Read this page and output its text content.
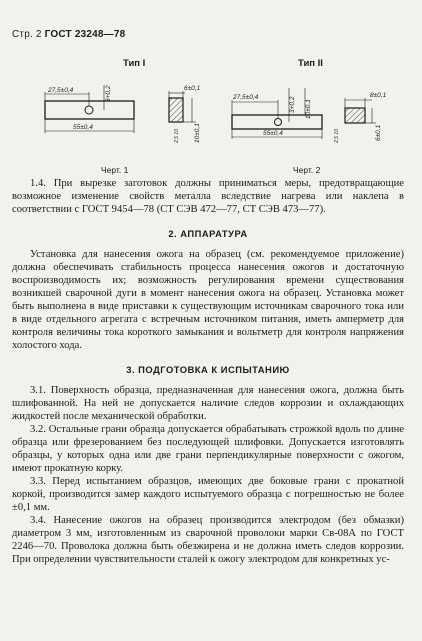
Стр. 2 ГОСТ 23248—78
Тип I
27,5±0,4	3+0,2
55±0,4
6±0,1
10±0,1
2,5 10
Черт. 1
Тип II
27,5±0,4	3+0,2 10±0,1
55±0,4
8±0,1
6±0,1
2,5 10
Черт. 2

1.4. При вырезке заготовок должны приниматься меры, предотвращающие возможное изменение свойств металла вследствие нагрева или наклепа в соответствии с ГОСТ 9454—78 (СТ СЭВ 472—77, СТ СЭВ 473—77).

2. АППАРАТУРА

Установка для нанесения ожога на образец (см. рекомендуемое приложение) должна обеспечивать стабильность процесса нанесения ожогов и достаточную воспроизводимость их; возможность регулирования времени существования возникшей сварочной дуги в момент нанесения ожога на образец. Установка может быть выполнена в виде приставки к существующим источникам сварочного тока или в виде отдельного агрегата с встречным источником питания, иметь амперметр для контроля величины тока короткого замыкания и вольтметр для контроля напряжения холостого хода.

3. ПОДГОТОВКА К ИСПЫТАНИЮ

3.1. Поверхность образца, предназначенная для нанесения ожога, должна быть шлифованной. На ней не допускается наличие следов коррозии и охлаждающих жидкостей после механической обработки.

3.2. Остальные грани образца допускается обрабатывать строжкой вдоль по длине образца или фрезерованием без последующей шлифовки. Допускается изготовлять образцы, у которых одна или две грани перпендикулярные поверхности с ожогом, имеют прокатную корку.

3.3. Перед испытанием образцов, имеющих две боковые грани с прокатной коркой, производится замер каждого испытуемого образца с погрешностью не более ±0,1 мм.

3.4. Нанесение ожогов на образец производится электродом (без обмазки) диаметром 3 мм, изготовленным из сварочной проволоки марки Св-08А по ГОСТ 2246—70. Проволока должна быть обезжирена и не должна иметь следов коррозии. При определении чувствительности сталей к ожогу электродом для конкретных ус-
